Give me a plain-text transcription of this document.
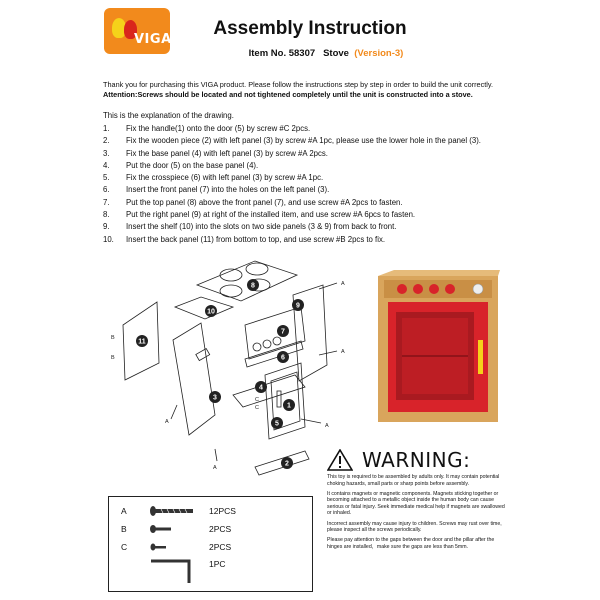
VIGA
Assembly Instruction
Item No. 58307 Stove (Version-3)
Thank you for purchasing this VIGA product. Please follow the instructions step by step in order to build the unit correctly.
Attention:Screws should be located and not tightened completely until the unit is constructed into a stove.
This is the explanation of the drawing.
1. Fix the handle(1) onto the door (5) by screw #C 2pcs.
2. Fix the wooden piece (2) with left panel (3) by screw #A 1pc, please use the lower hole in the panel (3).
3. Fix the base panel (4) with left panel (3) by screw #A 2pcs.
4. Put the door (5) on the base panel (4).
5. Fix the crosspiece (6) with left panel (3) by screw #A 1pc.
6. Insert the front panel (7) into the holes on the left panel (3).
7. Put the top panel (8) above the front panel (7), and use screw #A 2pcs to fasten.
8. Put the right panel (9) at right of the installed item, and use screw #A 6pcs to fasten.
9. Insert the shelf (10) into the slots on two side panels (3 & 9) from back to front.
10. Insert the back panel (11) from bottom to top, and use screw #B 2pcs to fix.
11
10
8
9
7
6
3
4
1
5
2
B
B
A
A
A
A
C
C
A
WARNING:

This toy is required to be assembled by adults only. It may contain potential choking hazards, small parts or sharp points before assembly.

It contains magnets or magnetic components. Magnets sticking together or becoming attached to a metallic object inside the human body can cause serious or fatal injury. Seek immediate medical help if magnets are swallowed or inhaled.

Incorrect assembly may cause injury to children. Screws may rust over time, please inspect all the screws periodically.

Please pay attention to the gaps between the door and the pillar after the hinges are installed，make sure the gaps are less than 5mm.

A	12PCS
B	2PCS
C	2PCS
1PC
